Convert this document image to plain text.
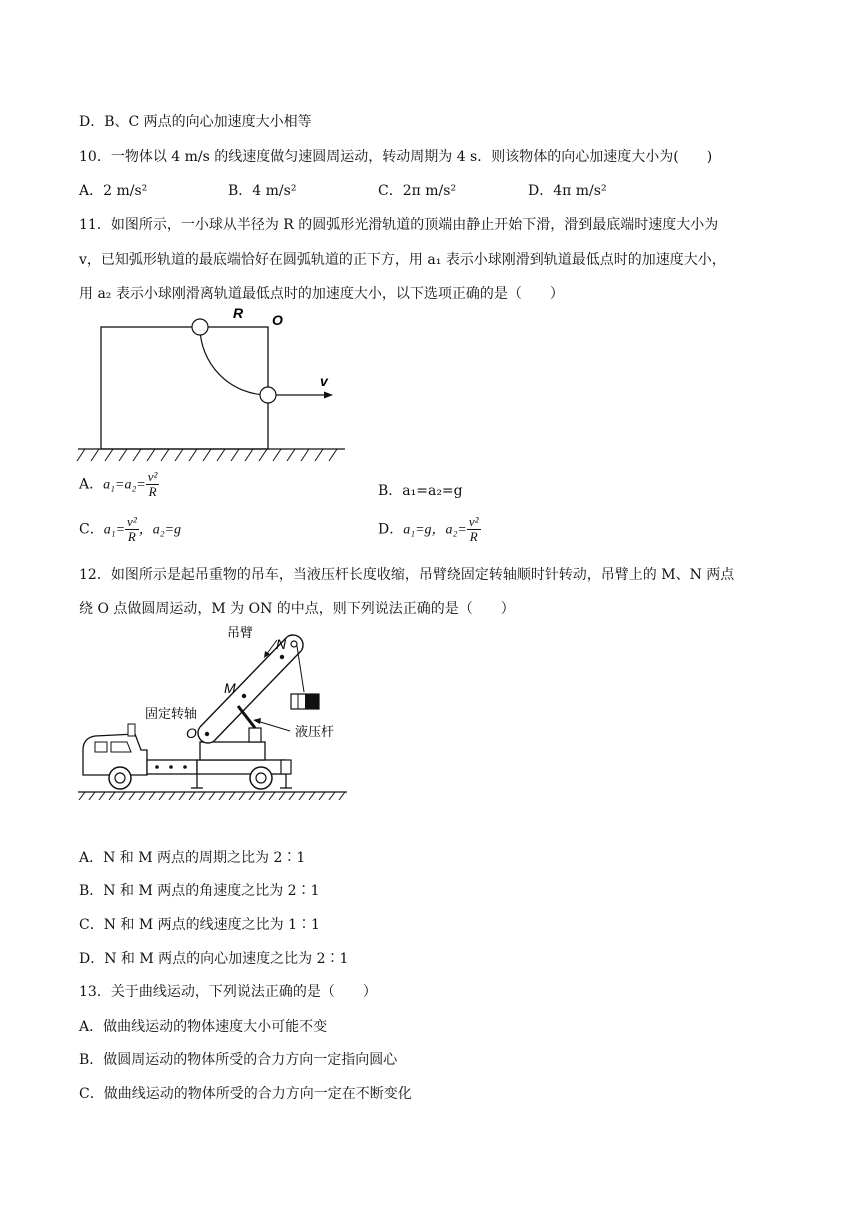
D．B、C 两点的向心加速度大小相等
10．一物体以 4 m/s 的线速度做匀速圆周运动，转动周期为 4 s．则该物体的向心加速度大小为(　　)
A．2 m/s²	B．4 m/s²	C．2π m/s²	D．4π m/s²
11．如图所示，一小球从半径为 R 的圆弧形光滑轨道的顶端由静止开始下滑，滑到最底端时速度大小为
v，已知弧形轨道的最底端恰好在圆弧轨道的正下方，用 a₁ 表示小球刚滑到轨道最低点时的加速度大小，
用 a₂ 表示小球刚滑离轨道最低点时的加速度大小，以下选项正确的是（　　）
R O
v
A．$a_1=a_2= \frac{\text{v²}}{R}$	B．a₁=a₂=g
C．$a_1= \frac{\text{v²}}{R}$ ，a₂=g	D．a₁=g，$a_2= \frac{\text{v²}}{R}$
12．如图所示是起吊重物的吊车，当液压杆长度收缩，吊臂绕固定转轴顺时针转动，吊臂上的 M、N 两点
绕 O 点做圆周运动，M 为 ON 的中点，则下列说法正确的是（　　）
吊臂
N
M
固定转轴
O	液压杆
A．N 和 M 两点的周期之比为 2∶1
B．N 和 M 两点的角速度之比为 2∶1
C．N 和 M 两点的线速度之比为 1∶1
D．N 和 M 两点的向心加速度之比为 2∶1
13．关于曲线运动，下列说法正确的是（　　）
A．做曲线运动的物体速度大小可能不变
B．做圆周运动的物体所受的合力方向一定指向圆心
C．做曲线运动的物体所受的合力方向一定在不断变化
